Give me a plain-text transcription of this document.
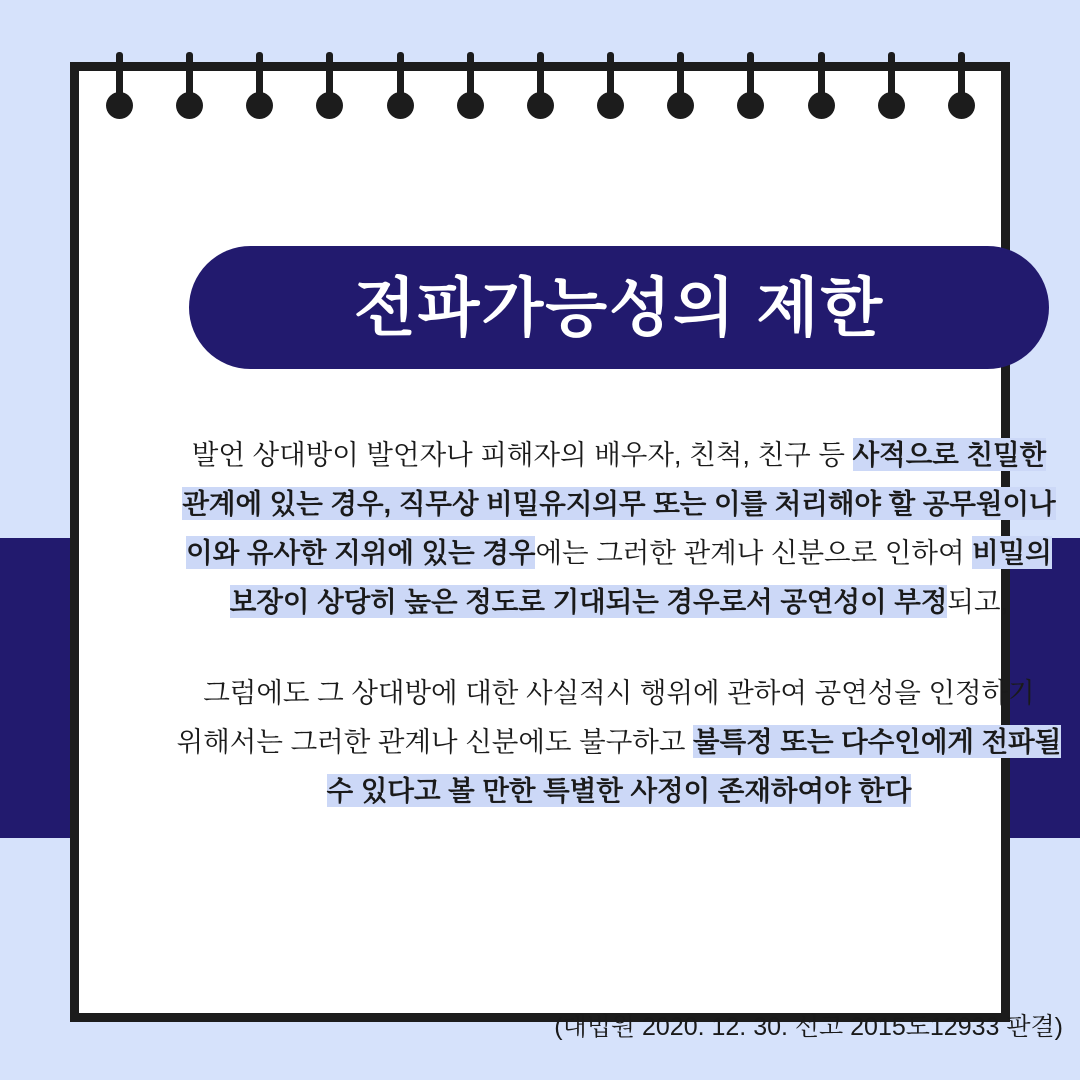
전파가능성의 제한
발언 상대방이 발언자나 피해자의 배우자, 친척, 친구 등 사적으로 친밀한 관계에 있는 경우, 직무상 비밀유지의무 또는 이를 처리해야 할 공무원이나 이와 유사한 지위에 있는 경우에는 그러한 관계나 신분으로 인하여 비밀의 보장이 상당히 높은 정도로 기대되는 경우로서 공연성이 부정되고,
그럼에도 그 상대방에 대한 사실적시 행위에 관하여 공연성을 인정하기 위해서는 그러한 관계나 신분에도 불구하고 불특정 또는 다수인에게 전파될 수 있다고 볼 만한 특별한 사정이 존재하여야 한다
(대법원 2020. 12. 30. 선고 2015도12933 판결)
